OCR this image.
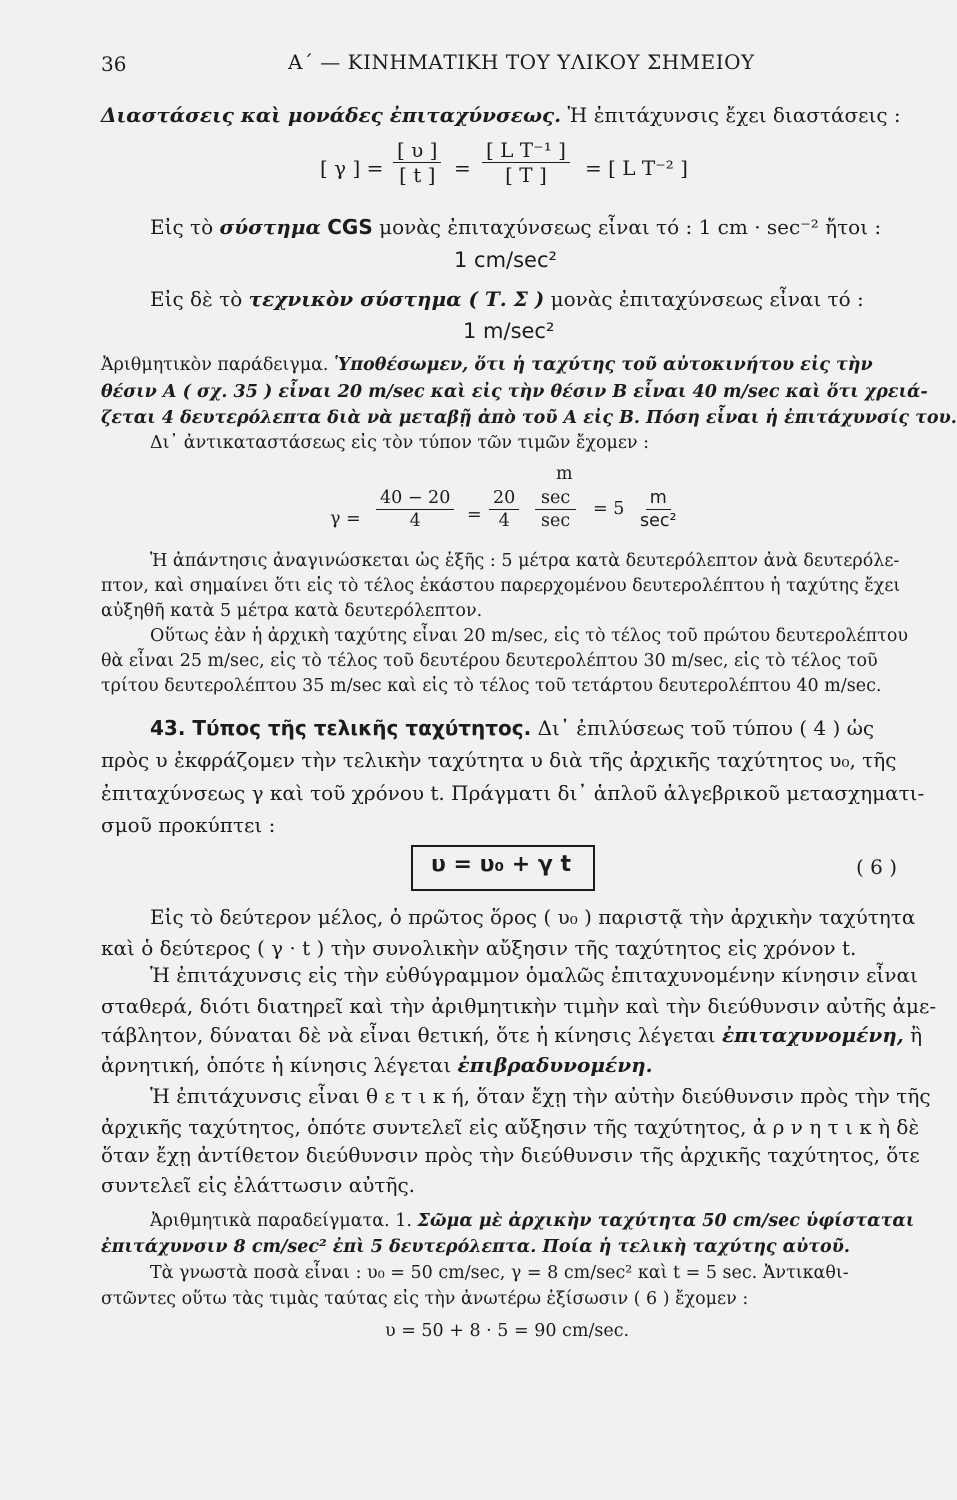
36	Α΄ — ΚΙΝΗΜΑΤΙΚΗ ΤΟΥ ΥΛΙΚΟΥ ΣΗΜΕΙΟΥ
Διαστάσεις καὶ μονάδες ἐπιταχύνσεως. Ἡ ἐπιτάχυνσις ἔχει διαστάσεις :
[ γ ] = $\frac{[ \upsilon ]}{[ t ]} = \frac{\text{[ L T⁻¹ ]}}{[ T ]}$ = [ L T⁻² ]
Εἰς τὸ σύστημα CGS μονὰς ἐπιταχύνσεως εἶναι τό : 1 cm · sec⁻² ἤτοι :
1 cm/sec²
Εἰς δὲ τὸ τεχνικὸν σύστημα ( Τ. Σ ) μονὰς ἐπιταχύνσεως εἶναι τό :
1 m/sec²
Ἀριθμητικὸν παράδειγμα. Ὑποθέσωμεν, ὅτι ἡ ταχύτης τοῦ αὐτοκινήτου εἰς τὴν
θέσιν Α ( σχ. 35 ) εἶναι 20 m/sec καὶ εἰς τὴν θέσιν Β εἶναι 40 m/sec καὶ ὅτι χρειά-
ζεται 4 δευτερόλεπτα διὰ νὰ μεταβῇ ἀπὸ τοῦ Α εἰς Β. Πόση εἶναι ἡ ἐπιτάχυνσίς του.
Δι᾽ ἀντικαταστάσεως εἰς τὸν τύπον τῶν τιμῶν ἔχομεν :
$\gamma = \frac{40 - 20}{4} = \frac{20}{4}$
m
sec
sec
= 5
m
sec²
Ἡ ἀπάντησις ἀναγινώσκεται ὡς ἑξῆς : 5 μέτρα κατὰ δευτερόλεπτον ἀνὰ δευτερόλε-
πτον, καὶ σημαίνει ὅτι εἰς τὸ τέλος ἑκάστου παρερχομένου δευτερολέπτου ἡ ταχύτης ἔχει
αὐξηθῆ κατὰ 5 μέτρα κατὰ δευτερόλεπτον.
Οὕτως ἐὰν ἡ ἀρχικὴ ταχύτης εἶναι 20 m/sec, εἰς τὸ τέλος τοῦ πρώτου δευτερολέπτου
θὰ εἶναι 25 m/sec, εἰς τὸ τέλος τοῦ δευτέρου δευτερολέπτου 30 m/sec, εἰς τὸ τέλος τοῦ
τρίτου δευτερολέπτου 35 m/sec καὶ εἰς τὸ τέλος τοῦ τετάρτου δευτερολέπτου 40 m/sec.
43. Τύπος τῆς τελικῆς ταχύτητος. Δι᾽ ἐπιλύσεως τοῦ τύπου ( 4 ) ὡς
πρὸς υ ἐκφράζομεν τὴν τελικὴν ταχύτητα υ διὰ τῆς ἀρχικῆς ταχύτητος υ₀, τῆς
ἐπιταχύνσεως γ καὶ τοῦ χρόνου t. Πράγματι δι᾽ ἁπλοῦ ἀλγεβρικοῦ μετασχηματι-
σμοῦ προκύπτει :
υ = υ₀ + γ t	( 6 )
Εἰς τὸ δεύτερον μέλος, ὁ πρῶτος ὅρος ( υ₀ ) παριστᾷ τὴν ἀρχικὴν ταχύτητα
καὶ ὁ δεύτερος ( γ · t ) τὴν συνολικὴν αὔξησιν τῆς ταχύτητος εἰς χρόνον t.
Ἡ ἐπιτάχυνσις εἰς τὴν εὐθύγραμμον ὁμαλῶς ἐπιταχυνομένην κίνησιν εἶναι
σταθερά, διότι διατηρεῖ καὶ τὴν ἀριθμητικὴν τιμὴν καὶ τὴν διεύθυνσιν αὐτῆς ἀμε-
τάβλητον, δύναται δὲ νὰ εἶναι θετική, ὅτε ἡ κίνησις λέγεται ἐπιταχυνομένη, ἢ
ἀρνητική, ὁπότε ἡ κίνησις λέγεται ἐπιβραδυνομένη.
Ἡ ἐπιτάχυνσις εἶναι θ ε τ ι κ ή, ὅταν ἔχῃ τὴν αὐτὴν διεύθυνσιν πρὸς τὴν τῆς
ἀρχικῆς ταχύτητος, ὁπότε συντελεῖ εἰς αὔξησιν τῆς ταχύτητος, ἀ ρ ν η τ ι κ ὴ δὲ
ὅταν ἔχῃ ἀντίθετον διεύθυνσιν πρὸς τὴν διεύθυνσιν τῆς ἀρχικῆς ταχύτητος, ὅτε
συντελεῖ εἰς ἐλάττωσιν αὐτῆς.
Ἀριθμητικὰ παραδείγματα. 1. Σῶμα μὲ ἀρχικὴν ταχύτητα 50 cm/sec ὑφίσταται
ἐπιτάχυνσιν 8 cm/sec² ἐπὶ 5 δευτερόλεπτα. Ποία ἡ τελικὴ ταχύτης αὐτοῦ.
Τὰ γνωστὰ ποσὰ εἶναι : υ₀ = 50 cm/sec, γ = 8 cm/sec² καὶ t = 5 sec. Ἀντικαθι-
στῶντες οὕτω τὰς τιμὰς ταύτας εἰς τὴν ἀνωτέρω ἐξίσωσιν ( 6 ) ἔχομεν :
υ = 50 + 8 · 5 = 90 cm/sec.
